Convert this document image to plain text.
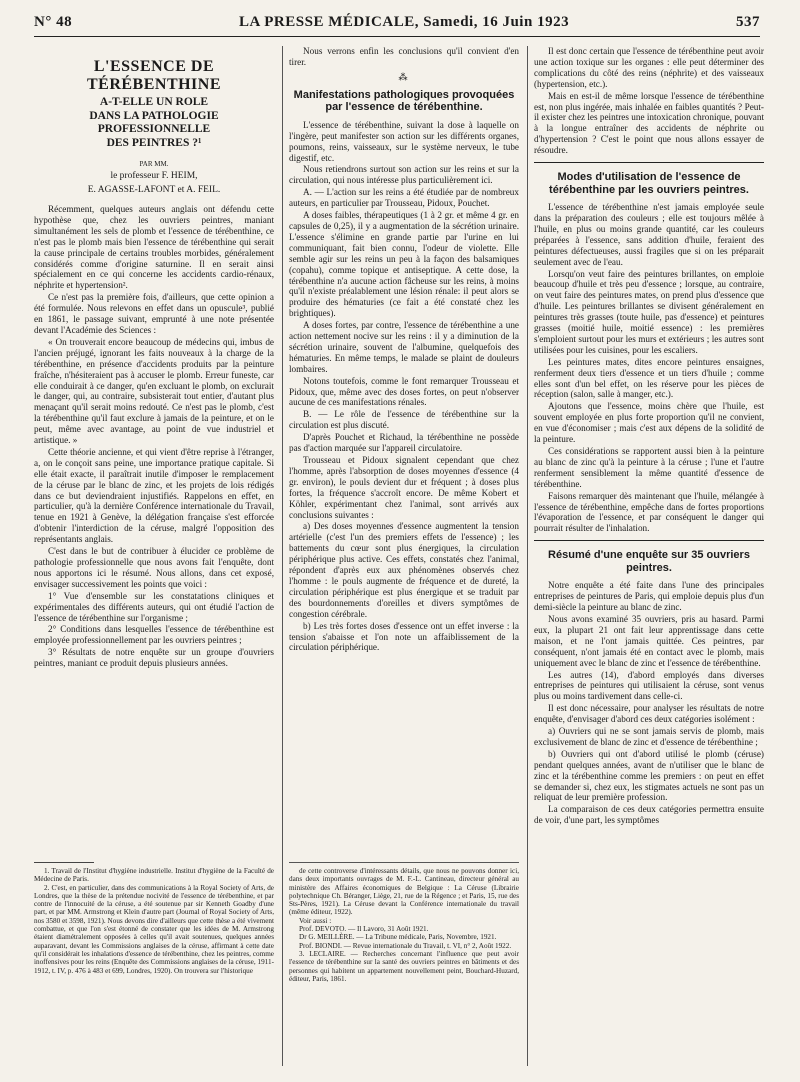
N° 48	LA PRESSE MÉDICALE, Samedi, 16 Juin 1923	537
L'ESSENCE DE TÉRÉBENTHINE
A-T-ELLE UN ROLE
DANS LA PATHOLOGIE PROFESSIONNELLE
DES PEINTRES ?¹
PAR MM.
le professeur F. HEIM,
E. AGASSE-LAFONT et A. FEIL.

Récemment, quelques auteurs anglais ont défendu cette hypothèse que, chez les ouvriers peintres, maniant simultanément les sels de plomb et l'essence de térébenthine, ce n'est pas le plomb mais bien l'essence de térébenthine qui serait la cause principale de certains troubles morbides, généralement considérés comme d'origine saturnine. Il en serait ainsi spécialement en ce qui concerne les accidents cardio-rénaux, néphrite et hypertension².

Ce n'est pas la première fois, d'ailleurs, que cette opinion a été formulée. Nous relevons en effet dans un opuscule³, publié en 1861, le passage suivant, emprunté à une note présentée devant l'Académie des Sciences :

« On trouverait encore beaucoup de médecins qui, imbus de l'ancien préjugé, ignorant les faits nouveaux à la charge de la térébenthine, en présence d'accidents produits par la peinture fraîche, n'hésiteraient pas à accuser le plomb. Erreur funeste, car elle conduirait à ce danger, qu'en excluant le plomb, on exclurait le danger, qui, au contraire, subsisterait tout entier, d'autant plus menaçant qu'il serait moins redouté. Ce n'est pas le plomb, c'est la térébenthine qu'il faut exclure à jamais de la peinture, et on le peut, même avec avantage, au point de vue industriel et artistique. »

Cette théorie ancienne, et qui vient d'être reprise à l'étranger, a, on le conçoit sans peine, une importance pratique capitale. Si elle était exacte, il paraîtrait inutile d'imposer le remplacement de la céruse par le blanc de zinc, et les projets de lois rédigés dans ce but deviendraient injustifiés. Rappelons en effet, en particulier, qu'à la dernière Conférence internationale du Travail, tenue en 1921 à Genève, la délégation française s'est efforcée d'obtenir l'interdiction de la céruse, malgré l'opposition des représentants anglais.

C'est dans le but de contribuer à élucider ce problème de pathologie professionnelle que nous avons fait l'enquête, dont nous apportons ici le résumé. Nous allons, dans cet exposé, envisager successivement les points que voici :

1° Vue d'ensemble sur les constatations cliniques et expérimentales des différents auteurs, qui ont étudié l'action de l'essence de térébenthine sur l'organisme ;

2° Conditions dans lesquelles l'essence de térébenthine est employée professionnellement par les ouvriers peintres ;

3° Résultats de notre enquête sur un groupe d'ouvriers peintres, maniant ce produit depuis plusieurs années.

1. Travail de l'Institut d'hygiène industrielle. Institut d'hygiène de la Faculté de Médecine de Paris.

2. C'est, en particulier, dans des communications à la Royal Society of Arts, de Londres, que la thèse de la prétendue nocivité de l'essence de térébenthine, et par contre de l'innocuité de la céruse, a été soutenue par sir Kenneth Goadby d'une part, et par MM. Armstrong et Klein d'autre part (Journal of Royal Society of Arts, nos 3580 et 3598, 1921). Nous devons dire d'ailleurs que cette thèse a été vivement combattue, et que l'on s'est étonné de constater que les idées de M. Armstrong étaient diamétralement opposées à celles qu'il avait soutenues, quelques années auparavant, devant les Commissions anglaises de la céruse, affirmant à cette date qu'il considérait les inhalations d'essence de térébenthine, chez les peintres, comme inoffensives pour les reins (Enquête des Commissions anglaises de la céruse, 1911-1912, t. IV, p. 476 à 483 et 699, Londres, 1920). On trouvera sur l'historique

Nous verrons enfin les conclusions qu'il convient d'en tirer.

⁂
Manifestations pathologiques provoquées par l'essence de térébenthine.

L'essence de térébenthine, suivant la dose à laquelle on l'ingère, peut manifester son action sur les différents organes, poumons, reins, vaisseaux, sur le système nerveux, le tube digestif, etc.

Nous retiendrons surtout son action sur les reins et sur la circulation, qui nous intéresse plus particulièrement ici.

A. — L'action sur les reins a été étudiée par de nombreux auteurs, en particulier par Trousseau, Pidoux, Pouchet.

A doses faibles, thérapeutiques (1 à 2 gr. et même 4 gr. en capsules de 0,25), il y a augmentation de la sécrétion urinaire. L'essence s'élimine en grande partie par l'urine en lui communiquant, fait bien connu, l'odeur de violette. Elle semble agir sur les reins un peu à la façon des balsamiques (copahu), comme topique et antiseptique. A cette dose, la térébenthine n'a aucune action fâcheuse sur les reins, à moins qu'il n'existe préalablement une lésion rénale: il peut alors se produire des hématuries (ce fait a été constaté chez les brightiques).

A doses fortes, par contre, l'essence de térébenthine a une action nettement nocive sur les reins : il y a diminution de la sécrétion urinaire, souvent de l'albumine, quelquefois des hématuries. En même temps, le malade se plaint de douleurs lombaires.

Notons toutefois, comme le font remarquer Trousseau et Pidoux, que, même avec des doses fortes, on peut n'observer aucune de ces manifestations rénales.

B. — Le rôle de l'essence de térébenthine sur la circulation est plus discuté.

D'après Pouchet et Richaud, la térébenthine ne possède pas d'action marquée sur l'appareil circulatoire.

Trousseau et Pidoux signalent cependant que chez l'homme, après l'absorption de doses moyennes d'essence (4 gr. environ), le pouls devient dur et fréquent ; à doses plus fortes, la fréquence s'accroît encore. De même Kobert et Köhler, expérimentant chez l'animal, sont arrivés aux conclusions suivantes :

a) Des doses moyennes d'essence augmentent la tension artérielle (c'est l'un des premiers effets de l'essence) ; les battements du cœur sont plus énergiques, la circulation périphérique plus active. Ces effets, constatés chez l'animal, répondent d'après eux aux phénomènes observés chez l'homme : le pouls augmente de fréquence et de dureté, la circulation périphérique est plus énergique et se traduit par des bourdonnements d'oreilles et divers symptômes de congestion cérébrale.

b) Les très fortes doses d'essence ont un effet inverse : la tension s'abaisse et l'on note un affaiblissement de la circulation périphérique.

de cette controverse d'intéressants détails, que nous ne pouvons donner ici, dans deux importants ouvrages de M. F.-L. Cantineau, directeur général au ministère des Affaires économiques de Belgique : La Céruse (Librairie polytechnique Ch. Béranger, Liège, 21, rue de la Régence ; et Paris, 15, rue des Sts-Pères, 1921). La Céruse devant la Conférence internationale du travail (même éditeur, 1922).

Voir aussi :

Prof. DEVOTO. — Il Lavoro, 31 Août 1921.

Dr G. MEILLÈRE. — La Tribune médicale, Paris, Novembre, 1921.

Prof. BIONDI. — Revue internationale du Travail, t. VI, n° 2, Août 1922.

3. LECLAIRE. — Recherches concernant l'influence que peut avoir l'essence de térébenthine sur la santé des ouvriers peintres en bâtiments et des personnes qui habitent un appartement nouvellement peint, Bouchard-Huzard, éditeur, Paris, 1861.

Il est donc certain que l'essence de térébenthine peut avoir une action toxique sur les organes : elle peut déterminer des complications du côté des reins (néphrite) et des vaisseaux (hypertension, etc.).

Mais en est-il de même lorsque l'essence de térébenthine est, non plus ingérée, mais inhalée en faibles quantités ? Peut-il exister chez les peintres une intoxication chronique, pouvant à la longue entraîner des accidents de néphrite ou d'hypertension ? C'est le point que nous allons essayer de résoudre.

Modes d'utilisation de l'essence de térébenthine par les ouvriers peintres.

L'essence de térébenthine n'est jamais employée seule dans la préparation des couleurs ; elle est toujours mêlée à l'huile, en plus ou moins grande quantité, car les couleurs préparées à l'essence, sans addition d'huile, feraient des peintures défectueuses, aussi fragiles que si on les préparait seulement avec de l'eau.

Lorsqu'on veut faire des peintures brillantes, on emploie beaucoup d'huile et très peu d'essence ; lorsque, au contraire, on veut faire des peintures mates, on prend plus d'essence que d'huile. Les peintures brillantes se divisent généralement en peintures très grasses (toute huile, pas d'essence) et peintures grasses (moitié huile, moitié essence) : les premières s'emploient surtout pour les murs et extérieurs ; les autres sont utilisées pour les cuisines, pour les escaliers.

Les peintures mates, dites encore peintures ensaignes, renferment deux tiers d'essence et un tiers d'huile ; comme elles sont d'un bel effet, on les réserve pour les pièces de réception (salon, salle à manger, etc.).

Ajoutons que l'essence, moins chère que l'huile, est souvent employée en plus forte proportion qu'il ne convient, en vue d'économiser ; mais c'est aux dépens de la solidité de la peinture.

Ces considérations se rapportent aussi bien à la peinture au blanc de zinc qu'à la peinture à la céruse ; l'une et l'autre renferment sensiblement la même quantité d'essence de térébenthine.

Faisons remarquer dès maintenant que l'huile, mélangée à l'essence de térébenthine, empêche dans de fortes proportions l'évaporation de l'essence, et par conséquent le danger qui pourrait résulter de l'inhalation.

Résumé d'une enquête sur 35 ouvriers peintres.

Notre enquête a été faite dans l'une des principales entreprises de peintures de Paris, qui emploie depuis plus d'un demi-siècle la peinture au blanc de zinc.

Nous avons examiné 35 ouvriers, pris au hasard. Parmi eux, la plupart 21 ont fait leur apprentissage dans cette maison, et ne l'ont jamais quittée. Ces peintres, par conséquent, n'ont jamais été en contact avec le plomb, mais uniquement avec le blanc de zinc et l'essence de térébenthine.

Les autres (14), d'abord employés dans diverses entreprises de peintures qui utilisaient la céruse, sont venus plus ou moins tardivement dans celle-ci.

Il est donc nécessaire, pour analyser les résultats de notre enquête, d'envisager d'abord ces deux catégories isolément :

a) Ouvriers qui ne se sont jamais servis de plomb, mais exclusivement de blanc de zinc et d'essence de térébenthine ;

b) Ouvriers qui ont d'abord utilisé le plomb (céruse) pendant quelques années, avant de n'utiliser que le blanc de zinc et la térébenthine comme les premiers : on peut en effet se demander si, chez eux, les stigmates actuels ne sont pas un reliquat de leur première profession.

La comparaison de ces deux catégories permettra ensuite de voir, d'une part, les symptômes
